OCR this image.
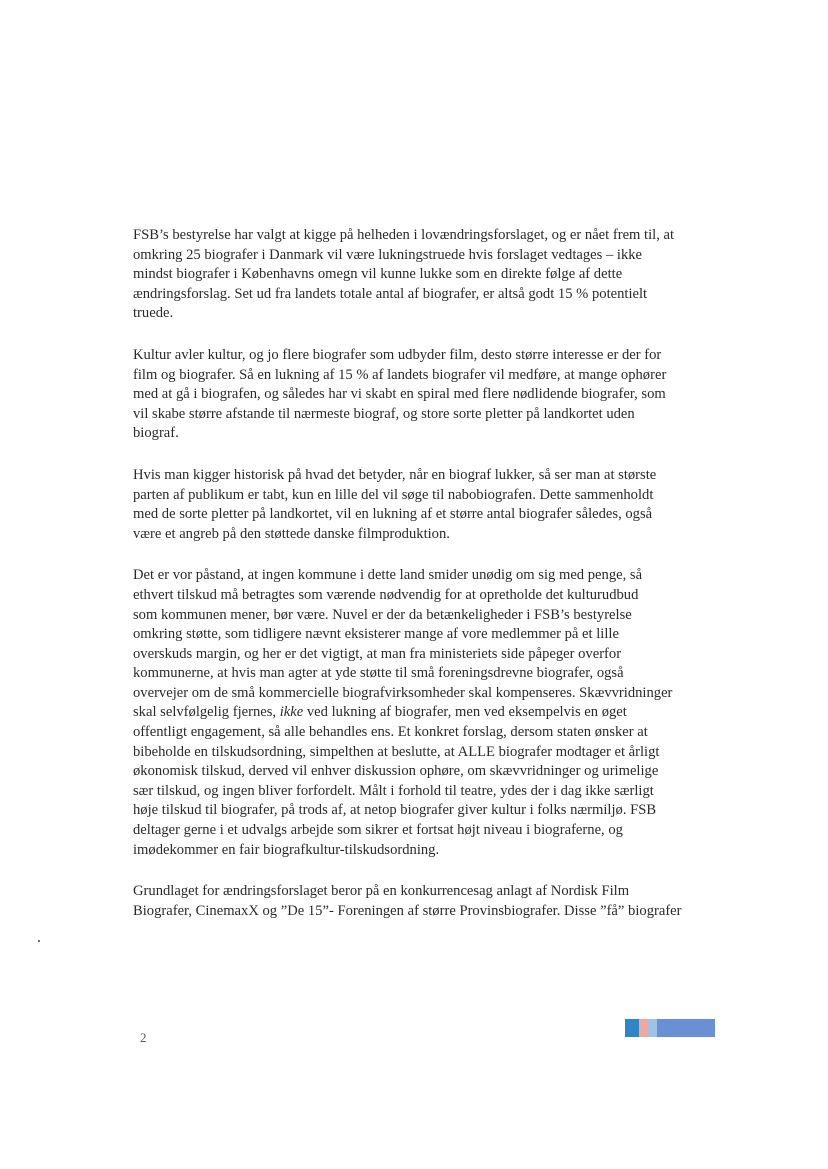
FSB’s bestyrelse har valgt at kigge på helheden i lovændringsforslaget, og er nået frem til, at
omkring 25 biografer i Danmark vil være lukningstruede hvis forslaget vedtages – ikke
mindst biografer i Københavns omegn vil kunne lukke som en direkte følge af dette
ændringsforslag. Set ud fra landets totale antal af biografer, er altså godt 15 % potentielt
truede.

Kultur avler kultur, og jo flere biografer som udbyder film, desto større interesse er der for
film og biografer. Så en lukning af 15 % af landets biografer vil medføre, at mange ophører
med at gå i biografen, og således har vi skabt en spiral med flere nødlidende biografer, som
vil skabe større afstande til nærmeste biograf, og store sorte pletter på landkortet uden
biograf.

Hvis man kigger historisk på hvad det betyder, når en biograf lukker, så ser man at største
parten af publikum er tabt, kun en lille del vil søge til nabobiografen. Dette sammenholdt
med de sorte pletter på landkortet, vil en lukning af et større antal biografer således, også
være et angreb på den støttede danske filmproduktion.

Det er vor påstand, at ingen kommune i dette land smider unødig om sig med penge, så
ethvert tilskud må betragtes som værende nødvendig for at opretholde det kulturudbud
som kommunen mener, bør være. Nuvel er der da betænkeligheder i FSB’s bestyrelse
omkring støtte, som tidligere nævnt eksisterer mange af vore medlemmer på et lille
overskuds margin, og her er det vigtigt, at man fra ministeriets side påpeger overfor
kommunerne, at hvis man agter at yde støtte til små foreningsdrevne biografer, også
overvejer om de små kommercielle biografvirksomheder skal kompenseres. Skævvridninger
skal selvfølgelig fjernes, ikke ved lukning af biografer, men ved eksempelvis en øget
offentligt engagement, så alle behandles ens. Et konkret forslag, dersom staten ønsker at
bibeholde en tilskudsordning, simpelthen at beslutte, at ALLE biografer modtager et årligt
økonomisk tilskud, derved vil enhver diskussion ophøre, om skævvridninger og urimelige
sær tilskud, og ingen bliver forfordelt. Målt i forhold til teatre, ydes der i dag ikke særligt
høje tilskud til biografer, på trods af, at netop biografer giver kultur i folks nærmiljø. FSB
deltager gerne i et udvalgs arbejde som sikrer et fortsat højt niveau i biograferne, og
imødekommer en fair biografkultur-tilskudsordning.

Grundlaget for ændringsforslaget beror på en konkurrencesag anlagt af Nordisk Film
Biografer, CinemaxX og ”De 15”- Foreningen af større Provinsbiografer. Disse ”få” biografer

2
